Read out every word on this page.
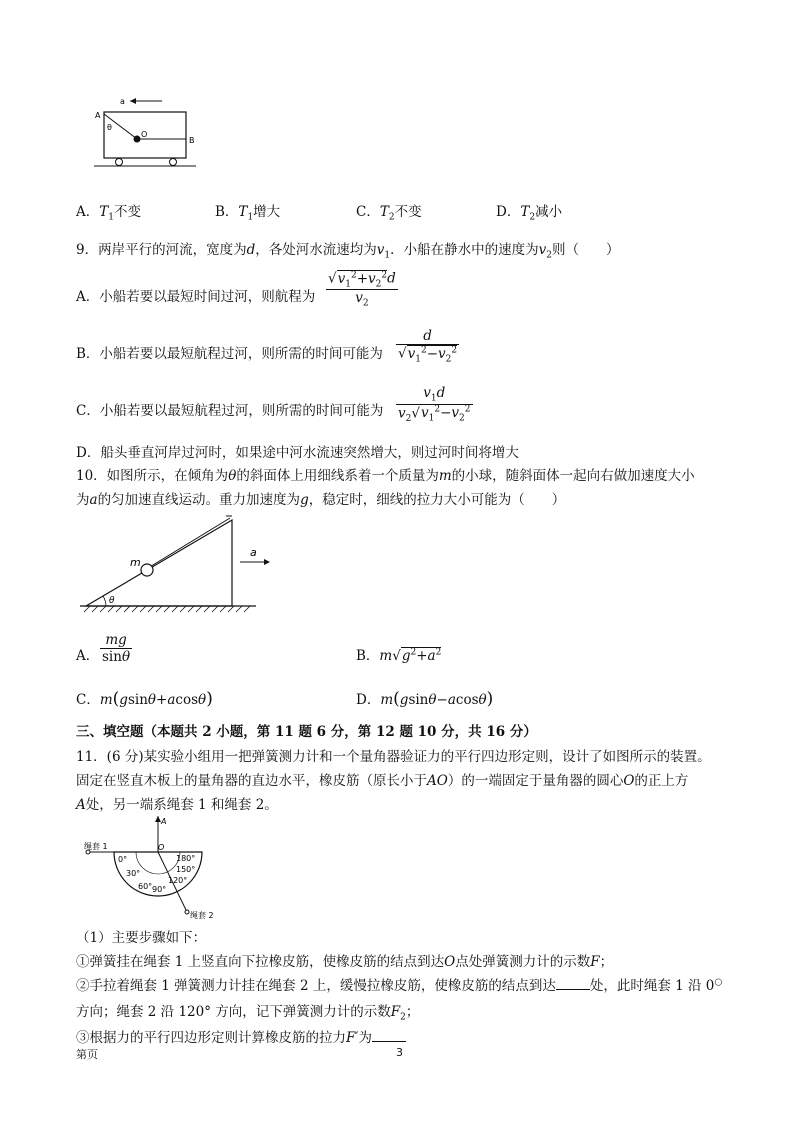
a
A
θ
O
B
A．$T_1$不变	B．$T_1$增大	C．$T_2$不变	D．$T_2$减小
9．两岸平行的河流，宽度为d，各处河水流速均为$v_1$．小船在静水中的速度为$v_2$则（　　）
A．小船若要以最短时间过河，则航程为 $\frac{√v_1^2+v_2^2d}{v_2}$
B．小船若要以最短航程过河，则所需的时间可能为 $\frac{d}{√v_1^2-v_2^2}$
C．小船若要以最短航程过河，则所需的时间可能为 $\frac{v_1d}{v_2√v_1^2-v_2^2}$
D．船头垂直河岸过河时，如果途中河水流速突然增大，则过河时间将增大
10．如图所示，在倾角为θ的斜面体上用细线系着一个质量为m的小球，随斜面体一起向右做加速度大小
为a的匀加速直线运动。重力加速度为g，稳定时，细线的拉力大小可能为（　　）
m
a
θ
A． $\frac{mg}{\sin\theta}$	B．$m√g^2+a^2$
C．m(gsinθ+acosθ)	D．m(gsinθ−acosθ)
三、填空题（本题共 2 小题，第 11 题 6 分，第 12 题 10 分，共 16 分）
11．(6 分)某实验小组用一把弹簧测力计和一个量角器验证力的平行四边形定则，设计了如图所示的装置。
固定在竖直木板上的量角器的直边水平，橡皮筋（原长小于AO）的一端固定于量角器的圆心O的正上方
A处，另一端系绳套 1 和绳套 2。
A
O
绳套 1
绳套 2
0°
30°
60° 90°
120°
150°
180°
（1）主要步骤如下：
①弹簧挂在绳套 1 上竖直向下拉橡皮筋，使橡皮筋的结点到达O点处弹簧测力计的示数F；
②手拉着绳套 1 弹簧测力计挂在绳套 2 上，缓慢拉橡皮筋，使橡皮筋的结点到达	处，此时绳套 1 沿 0○
方向；绳套 2 沿 120° 方向，记下弹簧测力计的示数$F_2$；
③根据力的平行四边形定则计算橡皮筋的拉力F′为
第页	3
